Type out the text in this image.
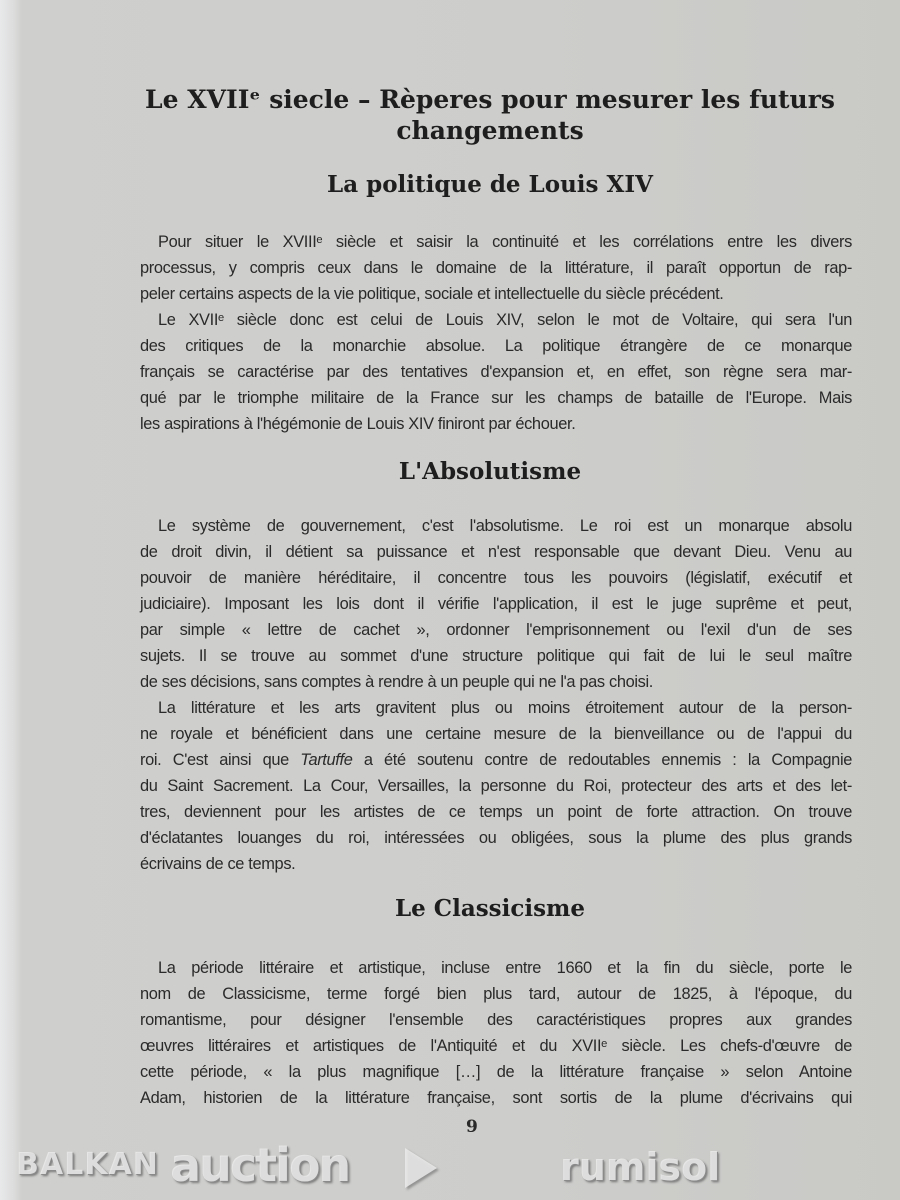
Le XVIIᵉ siecle – Rèperes pour mesurer les futurs changements
La politique de Louis XIV
Pour situer le XVIIIᵉ siècle et saisir la continuité et les corrélations entre les divers
processus, y compris ceux dans le domaine de la littérature, il paraît opportun de rap-
peler certains aspects de la vie politique, sociale et intellectuelle du siècle précédent.
Le XVIIᵉ siècle donc est celui de Louis XIV, selon le mot de Voltaire, qui sera l'un
des critiques de la monarchie absolue. La politique étrangère de ce monarque
français se caractérise par des tentatives d'expansion et, en effet, son règne sera mar-
qué par le triomphe militaire de la France sur les champs de bataille de l'Europe. Mais
les aspirations à l'hégémonie de Louis XIV finiront par échouer.
L'Absolutisme
Le système de gouvernement, c'est l'absolutisme. Le roi est un monarque absolu
de droit divin, il détient sa puissance et n'est responsable que devant Dieu. Venu au
pouvoir de manière héréditaire, il concentre tous les pouvoirs (législatif, exécutif et
judiciaire). Imposant les lois dont il vérifie l'application, il est le juge suprême et peut,
par simple « lettre de cachet », ordonner l'emprisonnement ou l'exil d'un de ses
sujets. Il se trouve au sommet d'une structure politique qui fait de lui le seul maître
de ses décisions, sans comptes à rendre à un peuple qui ne l'a pas choisi.
La littérature et les arts gravitent plus ou moins étroitement autour de la person-
ne royale et bénéficient dans une certaine mesure de la bienveillance ou de l'appui du
roi. C'est ainsi que Tartuffe a été soutenu contre de redoutables ennemis : la Compagnie
du Saint Sacrement. La Cour, Versailles, la personne du Roi, protecteur des arts et des let-
tres, deviennent pour les artistes de ce temps un point de forte attraction. On trouve
d'éclatantes louanges du roi, intéressées ou obligées, sous la plume des plus grands
écrivains de ce temps.
Le Classicisme
La période littéraire et artistique, incluse entre 1660 et la fin du siècle, porte le
nom de Classicisme, terme forgé bien plus tard, autour de 1825, à l'époque, du
romantisme, pour désigner l'ensemble des caractéristiques propres aux grandes
œuvres littéraires et artistiques de l'Antiquité et du XVIIᵉ siècle. Les chefs-d'œuvre de
cette période, « la plus magnifique […] de la littérature française » selon Antoine
Adam, historien de la littérature française, sont sortis de la plume d'écrivains qui
9
BALKAN auction	rumisol
